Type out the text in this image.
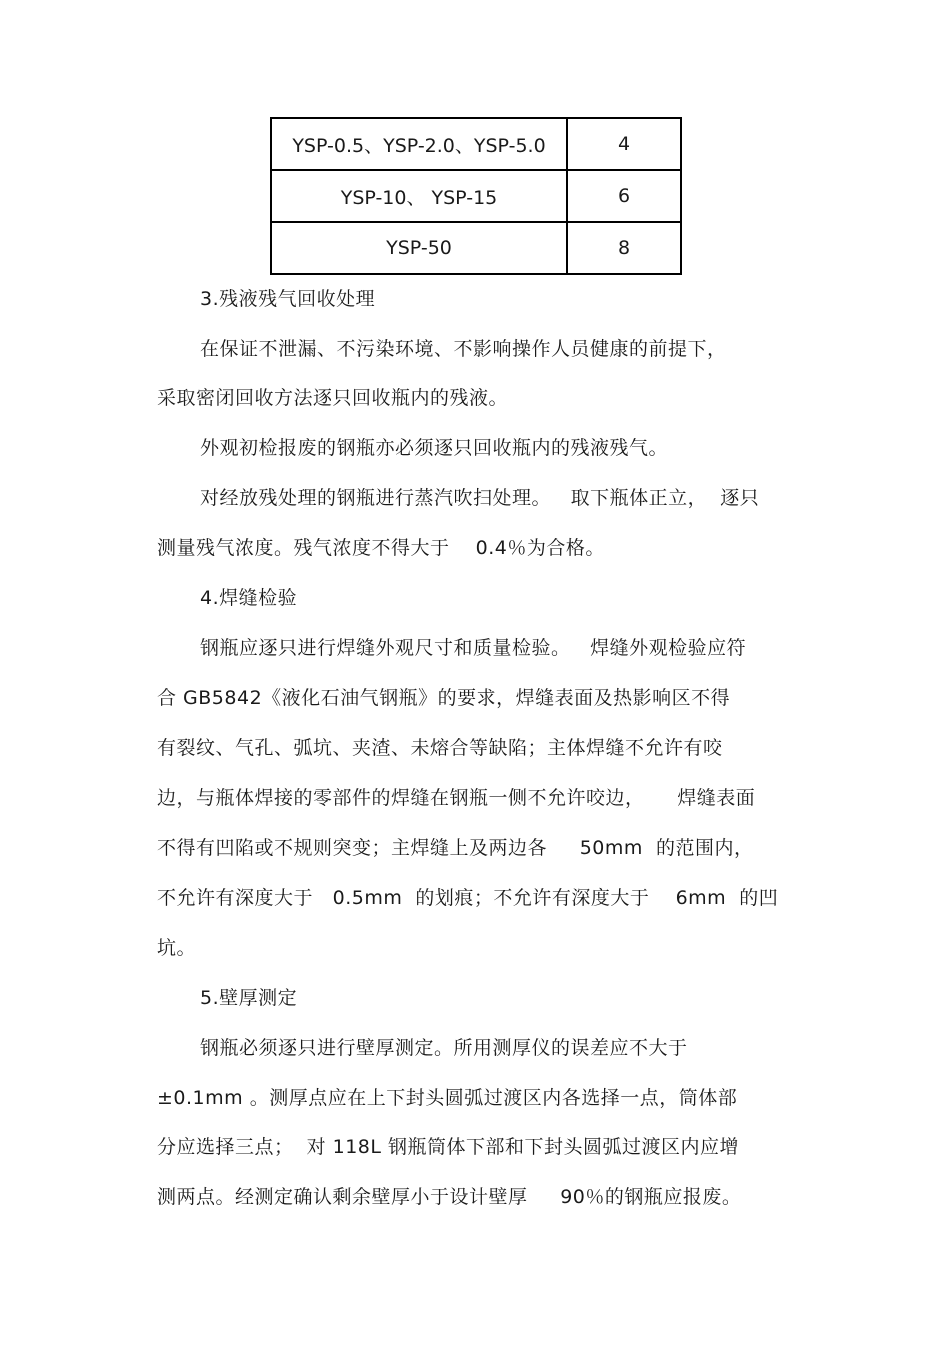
YSP-0.5、YSP-2.0、YSP-5.0	4
YSP-10、 YSP-15	6
YSP-50	8
3.残液残气回收处理
在保证不泄漏、不污染环境、不影响操作人员健康的前提下，
采取密闭回收方法逐只回收瓶内的残液。
外观初检报废的钢瓶亦必须逐只回收瓶内的残液残气。
对经放残处理的钢瓶进行蒸汽吹扫处理。   取下瓶体正立，  逐只
测量残气浓度。残气浓度不得大于    0.4％为合格。
4.焊缝检验
钢瓶应逐只进行焊缝外观尺寸和质量检验。   焊缝外观检验应符
合 GB5842《液化石油气钢瓶》的要求，焊缝表面及热影响区不得
有裂纹、气孔、弧坑、夹渣、未熔合等缺陷；主体焊缝不允许有咬
边，与瓶体焊接的零部件的焊缝在钢瓶一侧不允许咬边，     焊缝表面
不得有凹陷或不规则突变；主焊缝上及两边各     50mm  的范围内，
不允许有深度大于   0.5mm  的划痕；不允许有深度大于    6mm  的凹
坑。
5.壁厚测定
钢瓶必须逐只进行壁厚测定。所用测厚仪的误差应不大于
±0.1mm 。测厚点应在上下封头圆弧过渡区内各选择一点，筒体部
分应选择三点；  对 118L 钢瓶筒体下部和下封头圆弧过渡区内应增
测两点。经测定确认剩余壁厚小于设计壁厚     90％的钢瓶应报废。
